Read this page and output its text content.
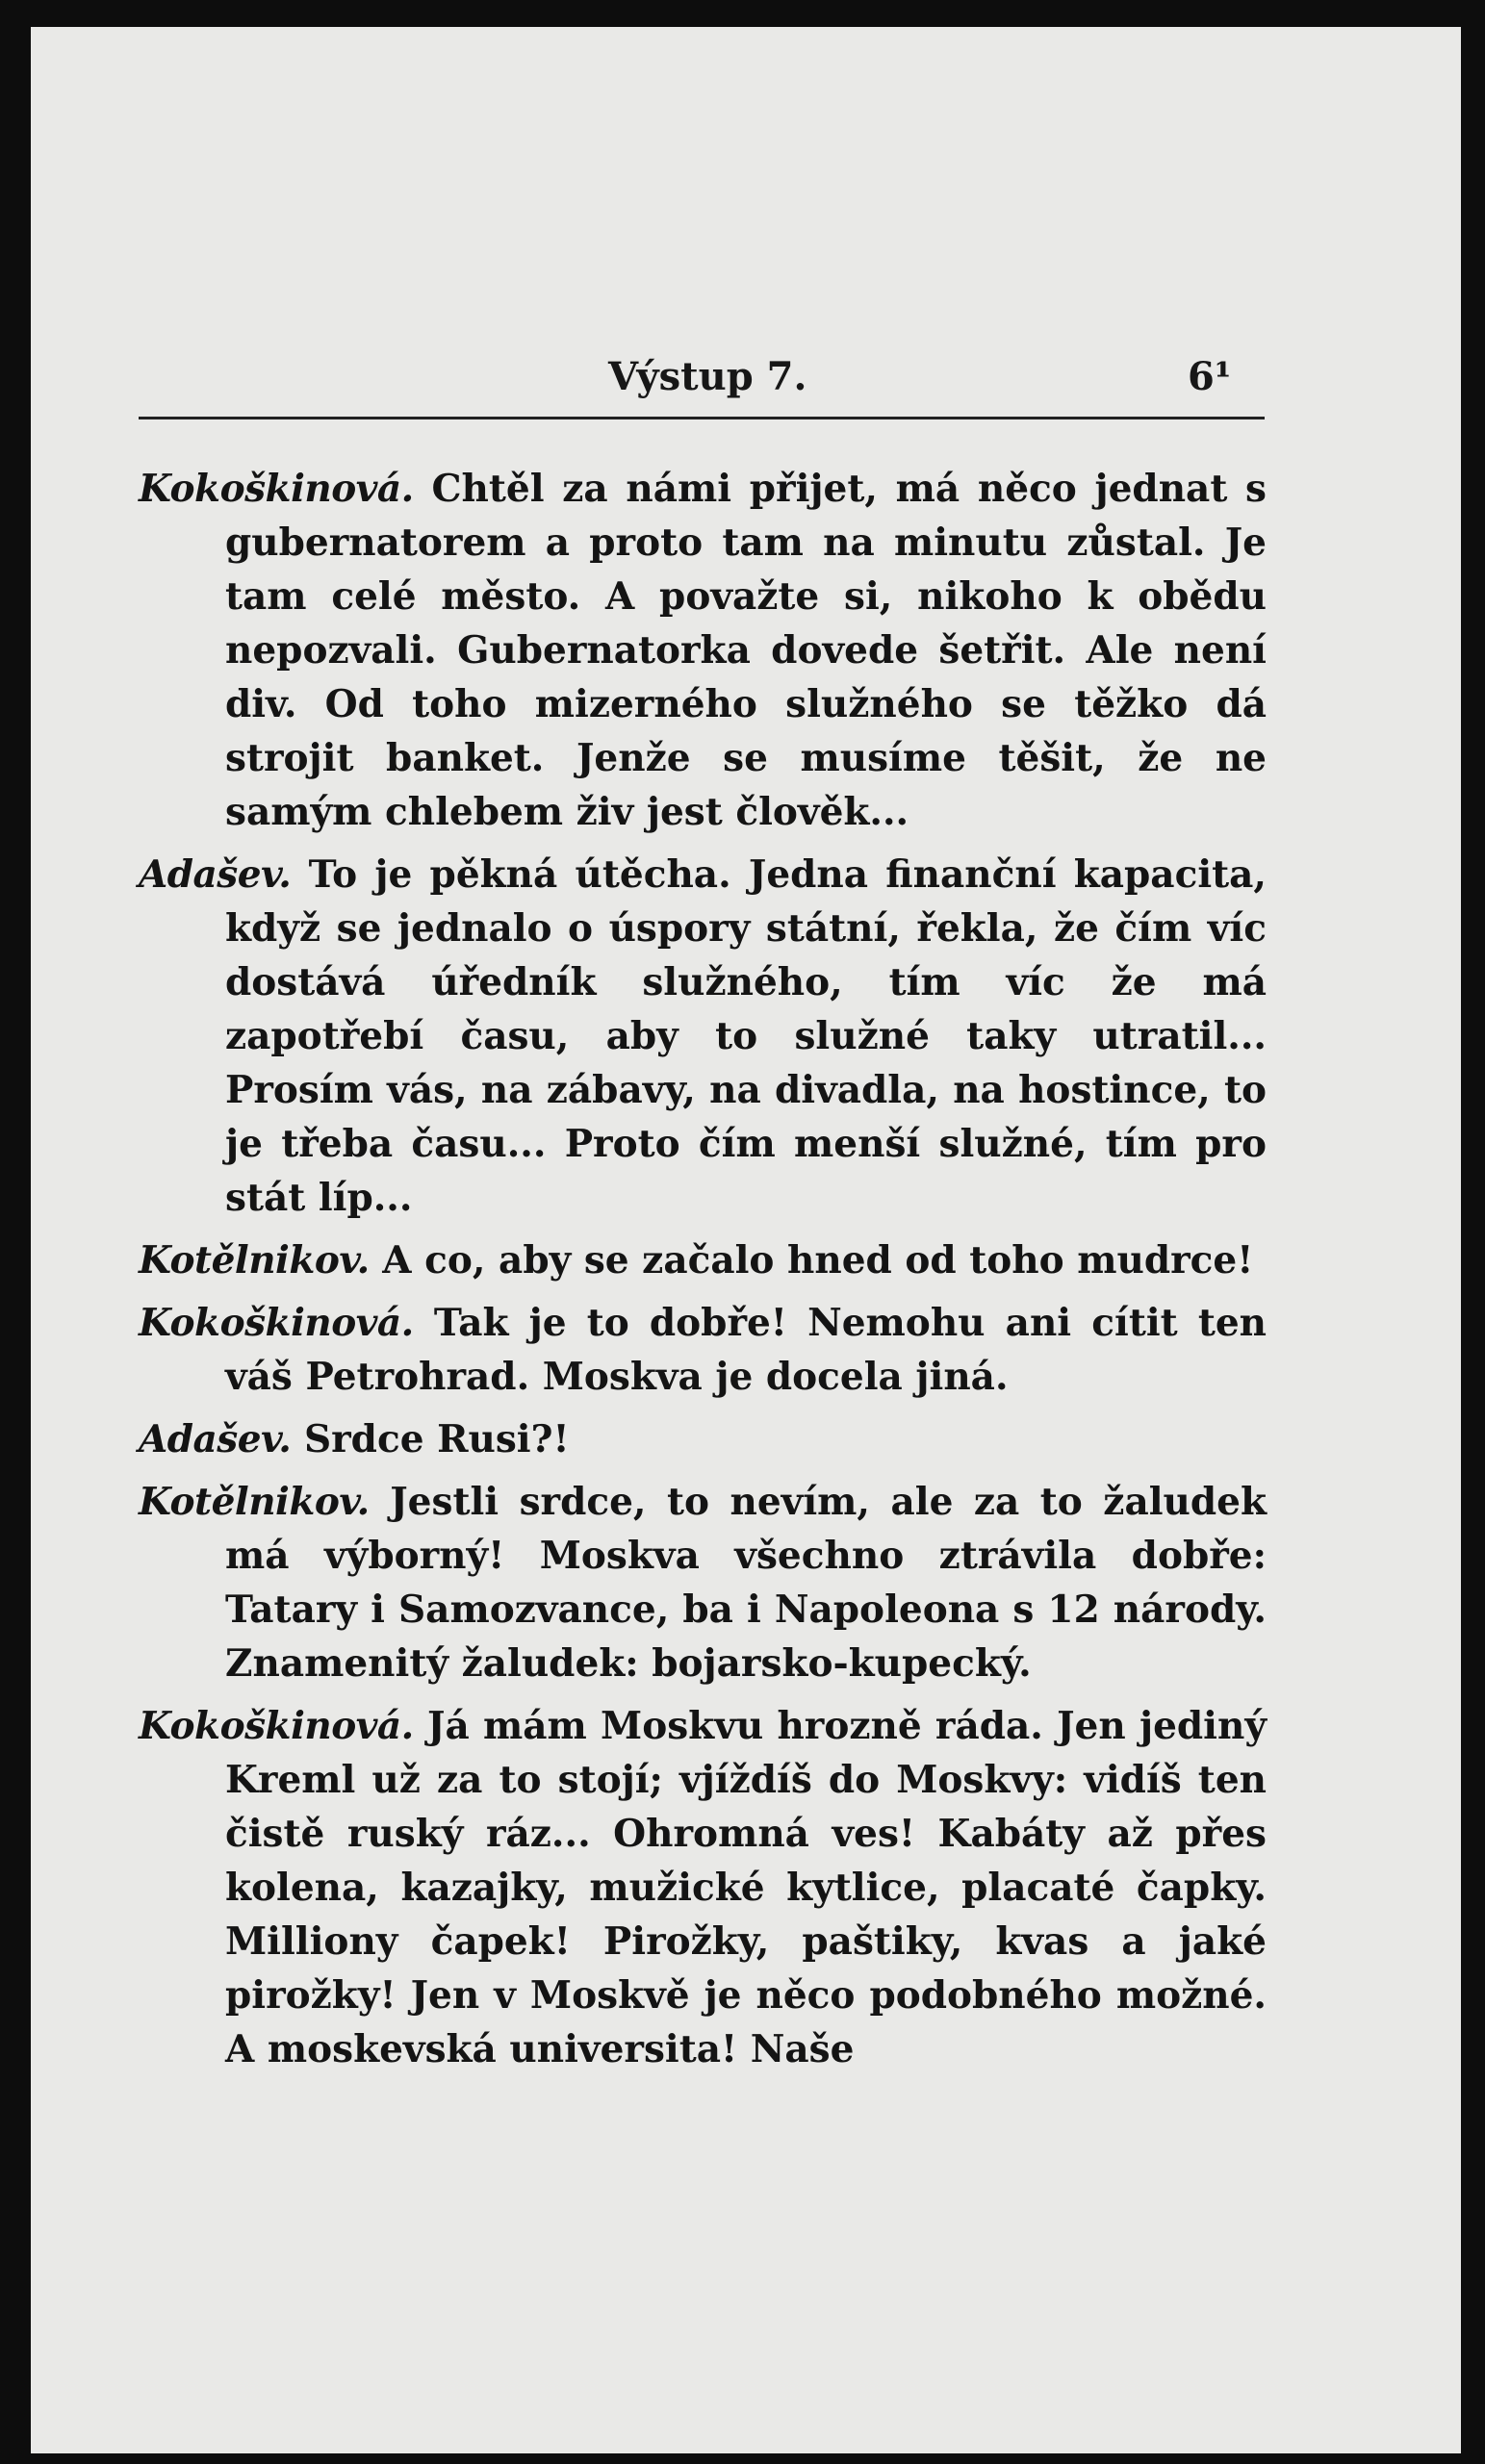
Výstup 7.	6¹

Kokoškinová. Chtěl za námi přijet, má něco jednat s gubernatorem a proto tam na minutu zůstal. Je tam celé město. A považte si, nikoho k obědu nepozvali. Gubernatorka dovede šetřit. Ale není div. Od toho mizerného služného se těžko dá strojit banket. Jenže se musíme těšit, že ne samým chlebem živ jest člověk...

Adašev. To je pěkná útěcha. Jedna finanční kapacita, když se jednalo o úspory státní, řekla, že čím víc dostává úředník služného, tím víc že má zapotřebí času, aby to služné taky utratil... Prosím vás, na zábavy, na divadla, na hostince, to je třeba času... Proto čím menší služné, tím pro stát líp...

Kotělnikov. A co, aby se začalo hned od toho mudrce!

Kokoškinová. Tak je to dobře! Nemohu ani cítit ten váš Petrohrad. Moskva je docela jiná.

Adašev. Srdce Rusi?!

Kotělnikov. Jestli srdce, to nevím, ale za to žaludek má výborný! Moskva všechno ztrávila dobře: Tatary i Samozvance, ba i Napoleona s 12 národy. Znamenitý žaludek: bojarsko-kupecký.

Kokoškinová. Já mám Moskvu hrozně ráda. Jen jediný Kreml už za to stojí; vjíždíš do Moskvy: vidíš ten čistě ruský ráz... Ohromná ves! Kabáty až přes kolena, kazajky, mužické kytlice, placaté čapky. Milliony čapek! Pirožky, paštiky, kvas a jaké pirožky! Jen v Moskvě je něco podobného možné. A moskevská universita! Naše
